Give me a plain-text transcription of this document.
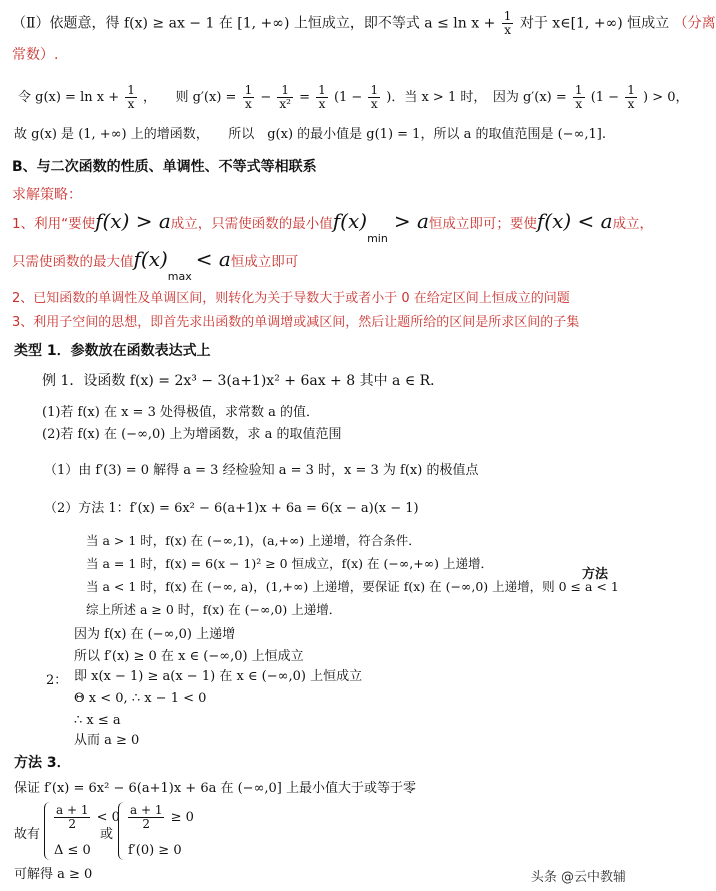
（Ⅱ）依题意，得 f(x) ≥ ax − 1 在 [1, +∞) 上恒成立，即不等式 $a \le \ln x + \frac{1}{x}$ 对于 x∈[1, +∞) 恒成立 （分离
常数）.
令 $g(x) = \ln x + \frac{1}{x}$ ，　　则 $g'(x) = \frac{1}{x} - \frac{1}{\text{x²}} = \frac{1}{x} (1 - \frac{1}{x}$ )．当 x > 1 时，　因为 $g'(x) = \frac{1}{x} (1 - \frac{1}{x}$ ) > 0，
故 g(x) 是 (1, +∞) 上的增函数，　　所以　g(x) 的最小值是 g(1) = 1，所以 a 的取值范围是 (−∞,1].
B、与二次函数的性质、单调性、不等式等相联系
求解策略：
1、利用“要使f(x) > a成立，只需使函数的最小值$f(x)_{min}> a$恒成立即可；要使f(x) < a成立，
只需使函数的最大值$f(x)_{max}< a$恒成立即可
2、已知函数的单调性及单调区间，则转化为关于导数大于或者小于 0 在给定区间上恒成立的问题
3、利用子空间的思想，即首先求出函数的单调增或减区间，然后让题所给的区间是所求区间的子集
类型 1．参数放在函数表达式上
例 1．设函数 f(x) = 2x³ − 3(a+1)x² + 6ax + 8 其中 a ∈ R．
(1)若 f(x) 在 x = 3 处得极值，求常数 a 的值．
(2)若 f(x) 在 (−∞,0) 上为增函数，求 a 的取值范围
（1）由 f′(3) = 0 解得 a = 3 经检验知 a = 3 时，x = 3 为 f(x) 的极值点
（2）方法 1：f′(x) = 6x² − 6(a+1)x + 6a = 6(x − a)(x − 1)
当 a > 1 时，f(x) 在 (−∞,1)，(a,+∞) 上递增，符合条件．
当 a = 1 时，f(x) = 6(x − 1)² ≥ 0 恒成立，f(x) 在 (−∞,+∞) 上递增．
当 a < 1 时，f(x) 在 (−∞, a)，(1,+∞) 上递增，要保证 f(x) 在 (−∞,0) 上递增，则 0 ≤ a < 1
方法
综上所述 a ≥ 0 时，f(x) 在 (−∞,0) 上递增．
因为 f(x) 在 (−∞,0) 上递增
所以 f′(x) ≥ 0 在 x ∈ (−∞,0) 上恒成立
2： 即 x(x − 1) ≥ a(x − 1) 在 x ∈ (−∞,0) 上恒成立
Θ x < 0, ∴ x − 1 < 0
∴ x ≤ a
从而 a ≥ 0
方法 3．
保证 f′(x) = 6x² − 6(a+1)x + 6a 在 (−∞,0] 上最小值大于或等于零
故有
$\frac{a + 1}{2} < 0$
Δ ≤ 0
或
$\frac{a + 1}{2} \ge 0$
f′(0) ≥ 0
可解得 a ≥ 0	头条 @云中教辅
